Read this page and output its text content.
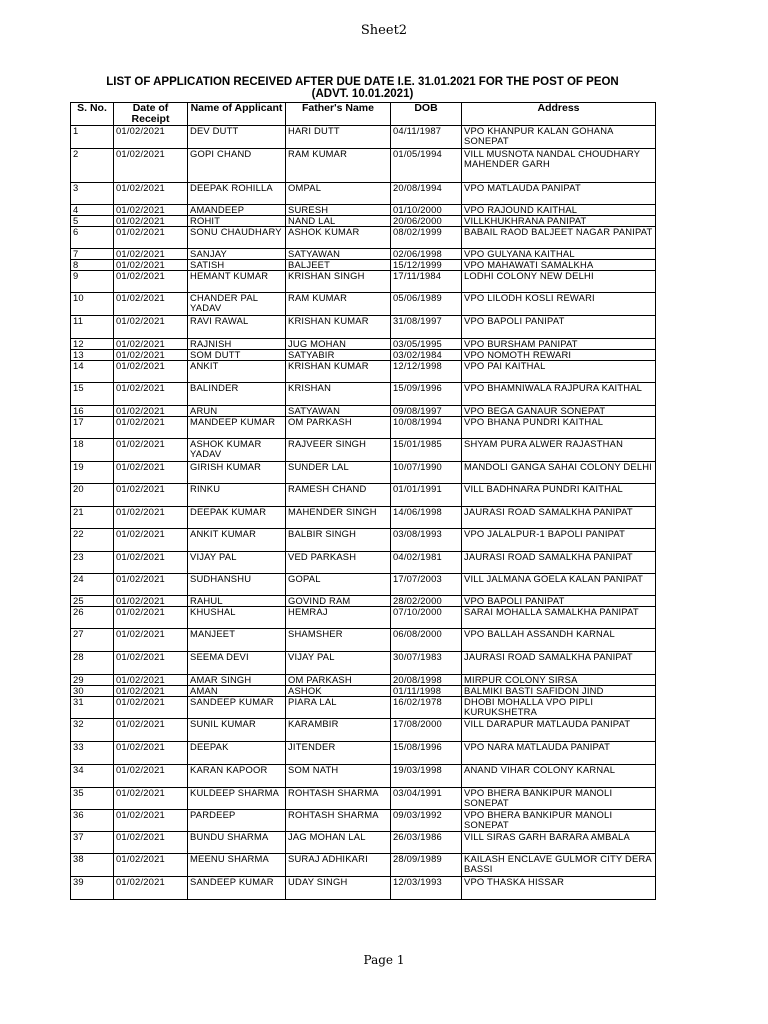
Sheet2
LIST OF APPLICATION RECEIVED AFTER DUE DATE I.E. 31.01.2021 FOR THE POST OF PEON
(ADVT. 10.01.2021)
S. No.	Date of Receipt	Name of Applicant	Father's Name	DOB	Address
1	01/02/2021	DEV DUTT	HARI DUTT	04/11/1987	VPO KHANPUR KALAN GOHANA SONEPAT
2	01/02/2021	GOPI CHAND	RAM KUMAR	01/05/1994	VILL MUSNOTA NANDAL CHOUDHARY MAHENDER GARH
3	01/02/2021	DEEPAK ROHILLA	OMPAL	20/08/1994	VPO MATLAUDA PANIPAT
4	01/02/2021	AMANDEEP	SURESH	01/10/2000	VPO RAJOUND KAITHAL
5	01/02/2021	ROHIT	NAND LAL	20/06/2000	VILLKHUKHRANA PANIPAT
6	01/02/2021	SONU CHAUDHARY	ASHOK KUMAR	08/02/1999	BABAIL RAOD BALJEET NAGAR PANIPAT
7	01/02/2021	SANJAY	SATYAWAN	02/06/1998	VPO GULYANA KAITHAL
8	01/02/2021	SATISH	BALJEET	15/12/1999	VPO MAHAWATI SAMALKHA
9	01/02/2021	HEMANT KUMAR	KRISHAN SINGH	17/11/1984	LODHI COLONY NEW DELHI
10	01/02/2021	CHANDER PAL YADAV	RAM KUMAR	05/06/1989	VPO LILODH KOSLI REWARI
11	01/02/2021	RAVI RAWAL	KRISHAN KUMAR	31/08/1997	VPO BAPOLI PANIPAT
12	01/02/2021	RAJNISH	JUG MOHAN	03/05/1995	VPO BURSHAM PANIPAT
13	01/02/2021	SOM DUTT	SATYABIR	03/02/1984	VPO NOMOTH REWARI
14	01/02/2021	ANKIT	KRISHAN KUMAR	12/12/1998	VPO PAI KAITHAL
15	01/02/2021	BALINDER	KRISHAN	15/09/1996	VPO BHAMNIWALA RAJPURA KAITHAL
16	01/02/2021	ARUN	SATYAWAN	09/08/1997	VPO BEGA GANAUR SONEPAT
17	01/02/2021	MANDEEP KUMAR	OM PARKASH	10/08/1994	VPO BHANA PUNDRI KAITHAL
18	01/02/2021	ASHOK KUMAR YADAV	RAJVEER SINGH	15/01/1985	SHYAM PURA ALWER RAJASTHAN
19	01/02/2021	GIRISH KUMAR	SUNDER LAL	10/07/1990	MANDOLI GANGA SAHAI COLONY DELHI
20	01/02/2021	RINKU	RAMESH CHAND	01/01/1991	VILL BADHNARA PUNDRI KAITHAL
21	01/02/2021	DEEPAK KUMAR	MAHENDER SINGH	14/06/1998	JAURASI ROAD SAMALKHA PANIPAT
22	01/02/2021	ANKIT KUMAR	BALBIR SINGH	03/08/1993	VPO JALALPUR-1 BAPOLI PANIPAT
23	01/02/2021	VIJAY PAL	VED PARKASH	04/02/1981	JAURASI ROAD SAMALKHA PANIPAT
24	01/02/2021	SUDHANSHU	GOPAL	17/07/2003	VILL JALMANA GOELA KALAN PANIPAT
25	01/02/2021	RAHUL	GOVIND RAM	28/02/2000	VPO BAPOLI PANIPAT
26	01/02/2021	KHUSHAL	HEMRAJ	07/10/2000	SARAI MOHALLA SAMALKHA PANIPAT
27	01/02/2021	MANJEET	SHAMSHER	06/08/2000	VPO BALLAH ASSANDH KARNAL
28	01/02/2021	SEEMA DEVI	VIJAY PAL	30/07/1983	JAURASI ROAD SAMALKHA PANIPAT
29	01/02/2021	AMAR SINGH	OM PARKASH	20/08/1998	MIRPUR COLONY SIRSA
30	01/02/2021	AMAN	ASHOK	01/11/1998	BALMIKI BASTI SAFIDON JIND
31	01/02/2021	SANDEEP KUMAR	PIARA LAL	16/02/1978	DHOBI MOHALLA VPO PIPLI KURUKSHETRA
32	01/02/2021	SUNIL KUMAR	KARAMBIR	17/08/2000	VILL DARAPUR MATLAUDA PANIPAT
33	01/02/2021	DEEPAK	JITENDER	15/08/1996	VPO NARA MATLAUDA PANIPAT
34	01/02/2021	KARAN KAPOOR	SOM NATH	19/03/1998	ANAND VIHAR COLONY KARNAL
35	01/02/2021	KULDEEP SHARMA	ROHTASH SHARMA	03/04/1991	VPO BHERA BANKIPUR MANOLI SONEPAT
36	01/02/2021	PARDEEP	ROHTASH SHARMA	09/03/1992	VPO BHERA BANKIPUR MANOLI SONEPAT
37	01/02/2021	BUNDU SHARMA	JAG MOHAN LAL	26/03/1986	VILL SIRAS GARH BARARA AMBALA
38	01/02/2021	MEENU SHARMA	SURAJ ADHIKARI	28/09/1989	KAILASH ENCLAVE GULMOR CITY DERA BASSI
39	01/02/2021	SANDEEP KUMAR	UDAY SINGH	12/03/1993	VPO THASKA HISSAR
Page 1
